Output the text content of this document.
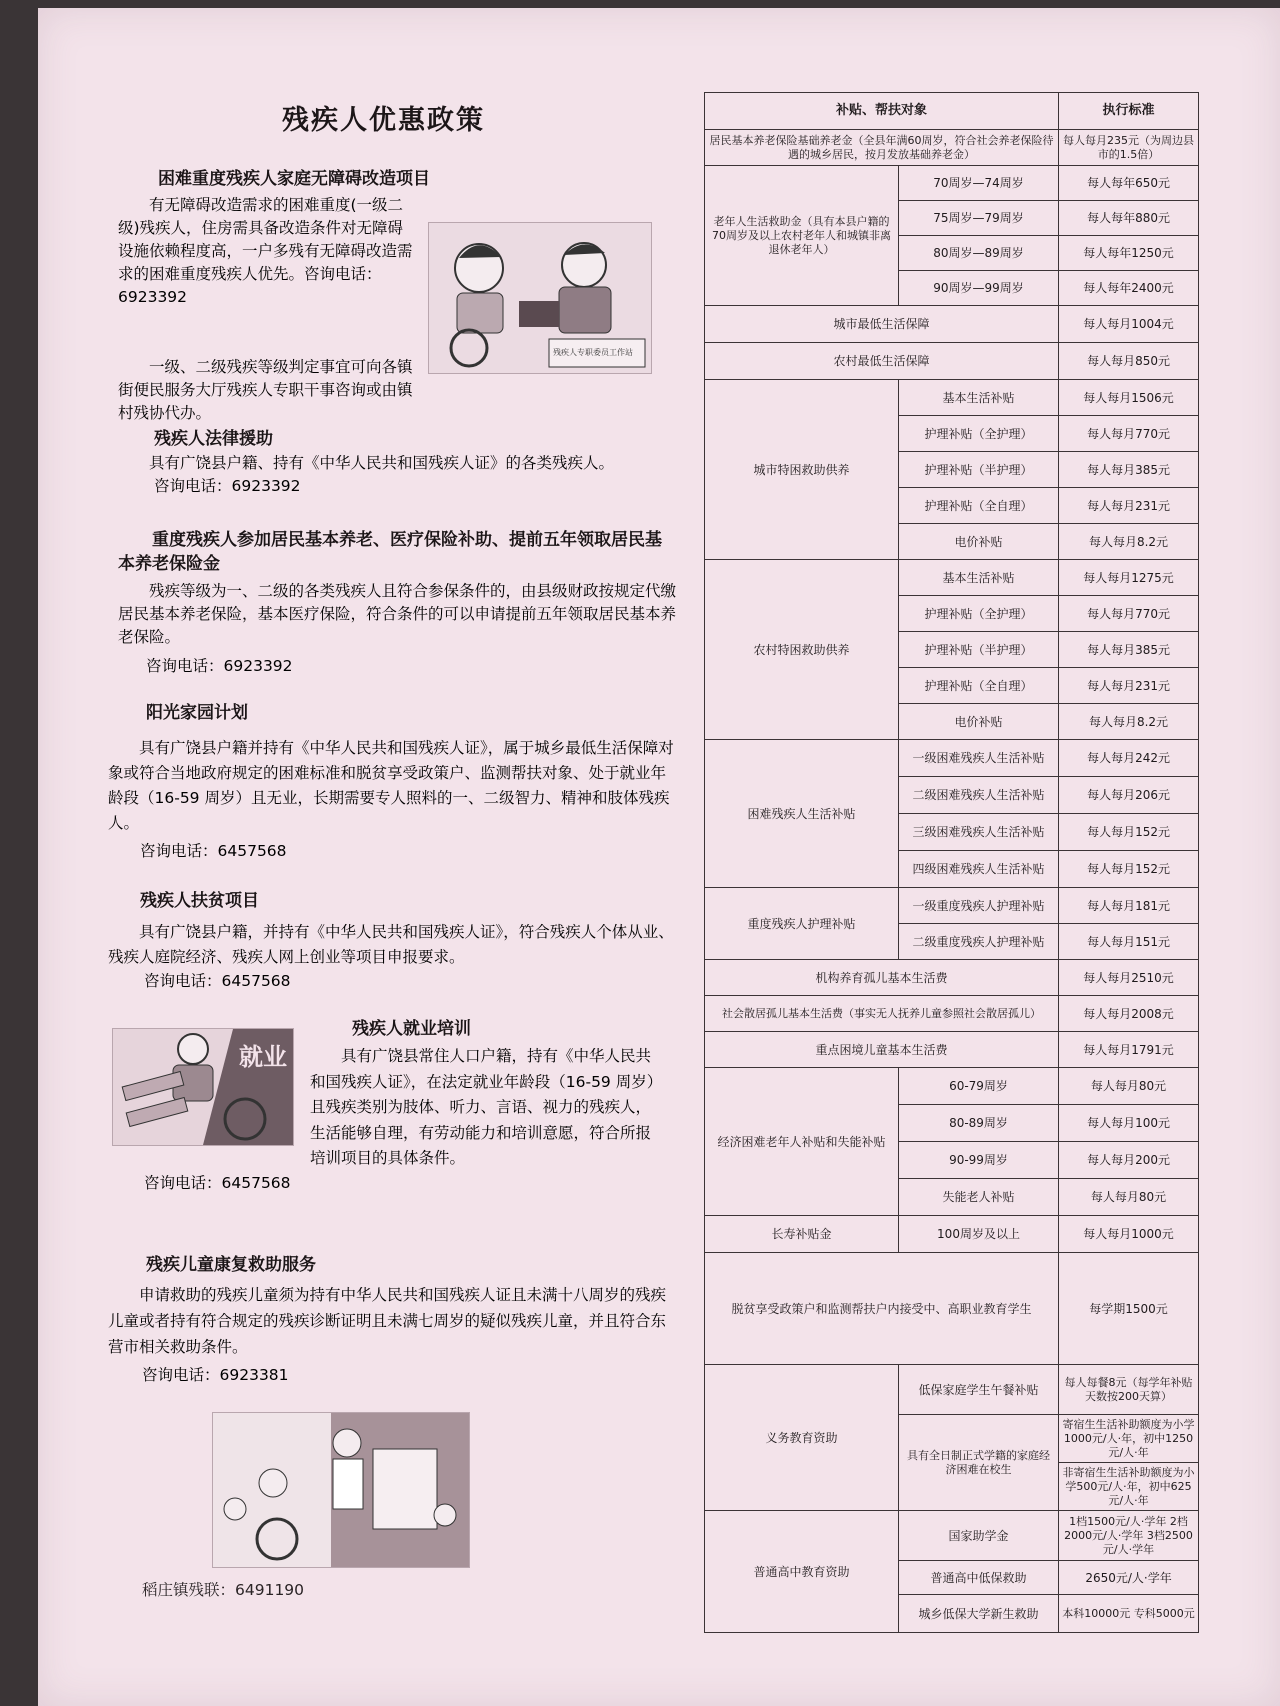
残疾人优惠政策
困难重度残疾人家庭无障碍改造项目

有无障碍改造需求的困难重度(一级二级)残疾人，住房需具备改造条件对无障碍设施依赖程度高，一户多残有无障碍改造需求的困难重度残疾人优先。咨询电话：6923392

一级、二级残疾等级判定事宜可向各镇街便民服务大厅残疾人专职干事咨询或由镇村残协代办。

残疾人专职委员工作站
残疾人法律援助

具有广饶县户籍、持有《中华人民共和国残疾人证》的各类残疾人。

咨询电话：6923392
重度残疾人参加居民基本养老、医疗保险补助、提前五年领取居民基本养老保险金

残疾等级为一、二级的各类残疾人且符合参保条件的，由县级财政按规定代缴居民基本养老保险，基本医疗保险，符合条件的可以申请提前五年领取居民基本养老保险。

咨询电话：6923392
阳光家园计划

具有广饶县户籍并持有《中华人民共和国残疾人证》，属于城乡最低生活保障对象或符合当地政府规定的困难标准和脱贫享受政策户、监测帮扶对象、处于就业年龄段（16-59 周岁）且无业，长期需要专人照料的一、二级智力、精神和肢体残疾人。

咨询电话：6457568
残疾人扶贫项目

具有广饶县户籍，并持有《中华人民共和国残疾人证》，符合残疾人个体从业、残疾人庭院经济、残疾人网上创业等项目申报要求。

咨询电话：6457568
残疾人就业培训
就业	具有广饶县常住人口户籍，持有《中华人民共和国残疾人证》，在法定就业年龄段（16-59 周岁）且残疾类别为肢体、听力、言语、视力的残疾人，生活能够自理，有劳动能力和培训意愿，符合所报培训项目的具体条件。

咨询电话：6457568
残疾儿童康复救助服务

申请救助的残疾儿童须为持有中华人民共和国残疾人证且未满十八周岁的残疾儿童或者持有符合规定的残疾诊断证明且未满七周岁的疑似残疾儿童，并且符合东营市相关救助条件。

咨询电话：6923381
稻庄镇残联：6491190
补贴、帮扶对象		执行标准
居民基本养老保险基础养老金（全县年满60周岁，符合社会养老保险待遇的城乡居民，按月发放基础养老金）		每人每月235元（为周边县市的1.5倍）
老年人生活救助金（具有本县户籍的70周岁及以上农村老年人和城镇非离退休老年人）	70周岁—74周岁	每人每年650元
	75周岁—79周岁	每人每年880元
	80周岁—89周岁	每人每年1250元
	90周岁—99周岁	每人每年2400元
城市最低生活保障		每人每月1004元
农村最低生活保障		每人每月850元
城市特困救助供养	基本生活补贴	每人每月1506元
	护理补贴（全护理）	每人每月770元
	护理补贴（半护理）	每人每月385元
	护理补贴（全自理）	每人每月231元
	电价补贴	每人每月8.2元
农村特困救助供养	基本生活补贴	每人每月1275元
	护理补贴（全护理）	每人每月770元
	护理补贴（半护理）	每人每月385元
	护理补贴（全自理）	每人每月231元
	电价补贴	每人每月8.2元
困难残疾人生活补贴	一级困难残疾人生活补贴	每人每月242元
	二级困难残疾人生活补贴	每人每月206元
	三级困难残疾人生活补贴	每人每月152元
	四级困难残疾人生活补贴	每人每月152元
重度残疾人护理补贴	一级重度残疾人护理补贴	每人每月181元
	二级重度残疾人护理补贴	每人每月151元
机构养育孤儿基本生活费		每人每月2510元
社会散居孤儿基本生活费（事实无人抚养儿童参照社会散居孤儿）		每人每月2008元
重点困境儿童基本生活费		每人每月1791元
经济困难老年人补贴和失能补贴	60-79周岁	每人每月80元
	80-89周岁	每人每月100元
	90-99周岁	每人每月200元
	失能老人补贴	每人每月80元
长寿补贴金	100周岁及以上	每人每月1000元
脱贫享受政策户和监测帮扶户内接受中、高职业教育学生		每学期1500元
义务教育资助	低保家庭学生午餐补贴	每人每餐8元（每学年补贴天数按200天算）
	具有全日制正式学籍的家庭经济困难在校生	寄宿生生活补助额度为小学1000元/人·年，初中1250元/人·年
		非寄宿生生活补助额度为小学500元/人·年，初中625元/人·年
普通高中教育资助	国家助学金	1档1500元/人·学年 2档2000元/人·学年 3档2500元/人·学年
	普通高中低保救助	2650元/人·学年
	城乡低保大学新生救助	本科10000元 专科5000元
